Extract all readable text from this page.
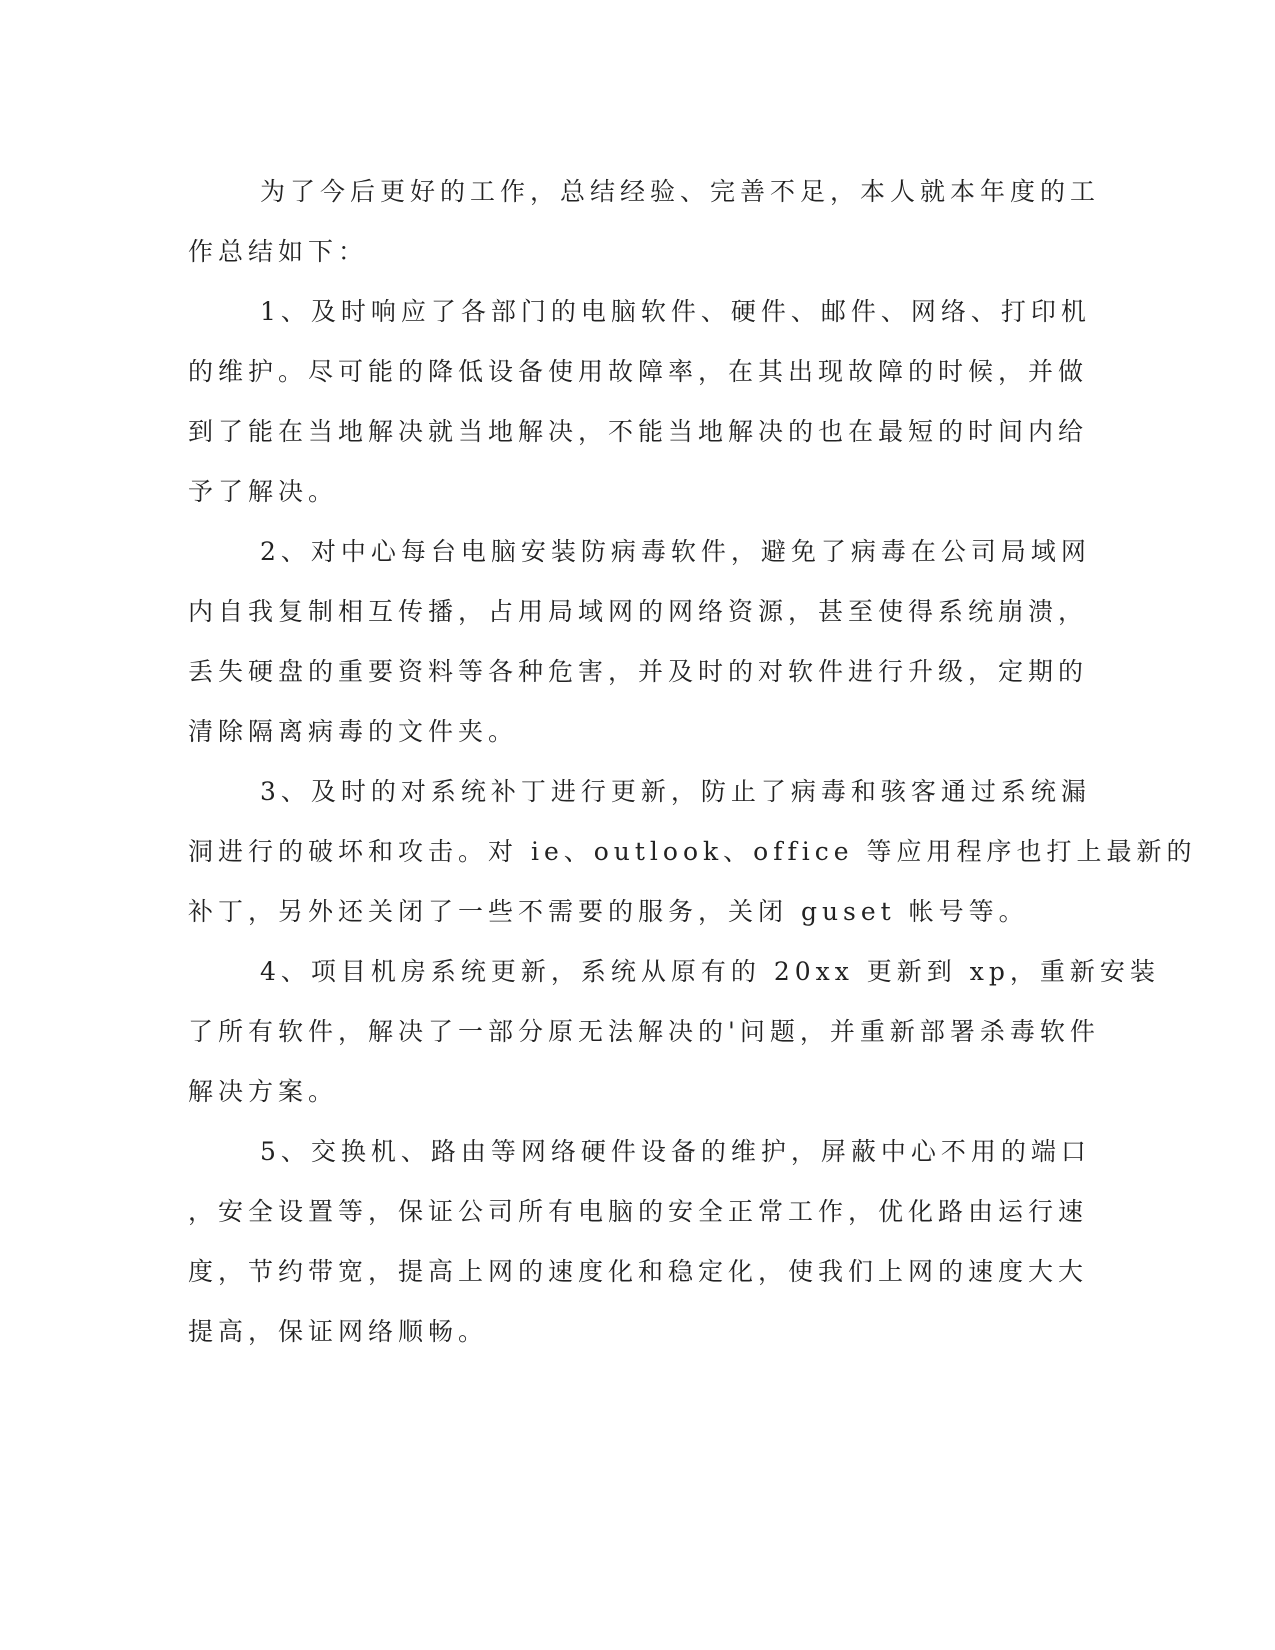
为了今后更好的工作，总结经验、完善不足，本人就本年度的工
作总结如下：
1、及时响应了各部门的电脑软件、硬件、邮件、网络、打印机
的维护。尽可能的降低设备使用故障率，在其出现故障的时候，并做
到了能在当地解决就当地解决，不能当地解决的也在最短的时间内给
予了解决。
2、对中心每台电脑安装防病毒软件，避免了病毒在公司局域网
内自我复制相互传播，占用局域网的网络资源，甚至使得系统崩溃，
丢失硬盘的重要资料等各种危害，并及时的对软件进行升级，定期的
清除隔离病毒的文件夹。
3、及时的对系统补丁进行更新，防止了病毒和骇客通过系统漏
洞进行的破坏和攻击。对 ie、outlook、office 等应用程序也打上最新的
补丁，另外还关闭了一些不需要的服务，关闭 guset 帐号等。
4、项目机房系统更新，系统从原有的 20xx 更新到 xp，重新安装
了所有软件，解决了一部分原无法解决的'问题，并重新部署杀毒软件
解决方案。
5、交换机、路由等网络硬件设备的维护，屏蔽中心不用的端口
，安全设置等，保证公司所有电脑的安全正常工作，优化路由运行速
度，节约带宽，提高上网的速度化和稳定化，使我们上网的速度大大
提高，保证网络顺畅。
